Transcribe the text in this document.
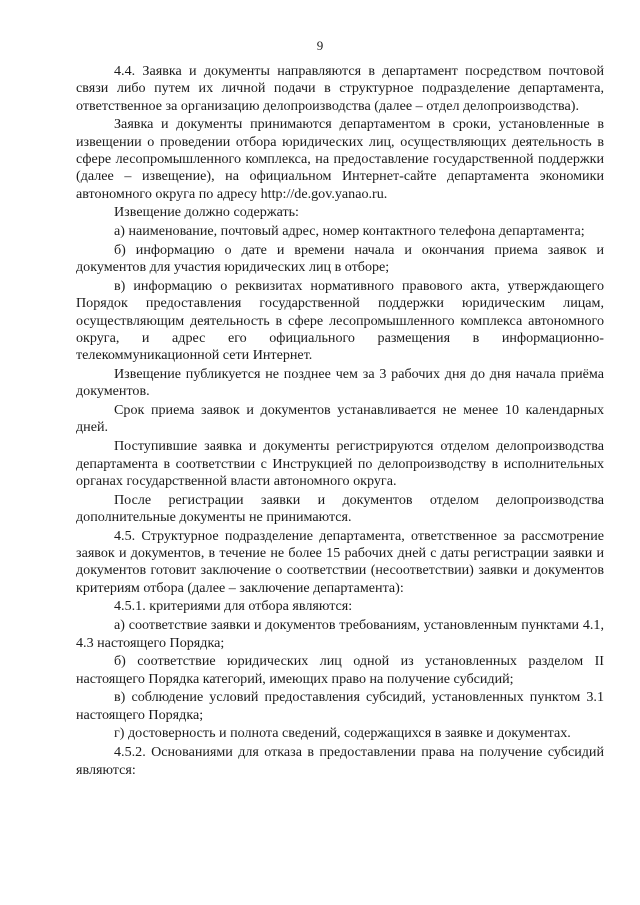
9

4.4. Заявка и документы направляются в департамент посредством почтовой связи либо путем их личной подачи в структурное подразделение департамента, ответственное за организацию делопроизводства (далее – отдел делопроизводства).

Заявка и документы принимаются департаментом в сроки, установленные в извещении о проведении отбора юридических лиц, осуществляющих деятельность в сфере лесопромышленного комплекса, на предоставление государственной поддержки (далее – извещение), на официальном Интернет-сайте департамента экономики автономного округа по адресу http://de.gov.yanao.ru.

Извещение должно содержать:

а) наименование, почтовый адрес, номер контактного телефона департамента;

б) информацию о дате и времени начала и окончания приема заявок и документов для участия юридических лиц в отборе;

в) информацию о реквизитах нормативного правового акта, утверждающего Порядок предоставления государственной поддержки юридическим лицам, осуществляющим деятельность в сфере лесопромышленного комплекса автономного округа, и адрес его официального размещения в информационно-телекоммуникационной сети Интернет.

Извещение публикуется не позднее чем за 3 рабочих дня до дня начала приёма документов.

Срок приема заявок и документов устанавливается не менее 10 календарных дней.

Поступившие заявка и документы регистрируются отделом делопроизводства департамента в соответствии с Инструкцией по делопроизводству в исполнительных органах государственной власти автономного округа.

После регистрации заявки и документов отделом делопроизводства дополнительные документы не принимаются.

4.5. Структурное подразделение департамента, ответственное за рассмотрение заявок и документов, в течение не более 15 рабочих дней с даты регистрации заявки и документов готовит заключение о соответствии (несоответствии) заявки и документов критериям отбора (далее – заключение департамента):

4.5.1. критериями для отбора являются:

а) соответствие заявки и документов требованиям, установленным пунктами 4.1, 4.3 настоящего Порядка;

б) соответствие юридических лиц одной из установленных разделом II настоящего Порядка категорий, имеющих право на получение субсидий;

в) соблюдение условий предоставления субсидий, установленных пунктом 3.1 настоящего Порядка;

г) достоверность и полнота сведений, содержащихся в заявке и документах.

4.5.2. Основаниями для отказа в предоставлении права на получение субсидий являются:
